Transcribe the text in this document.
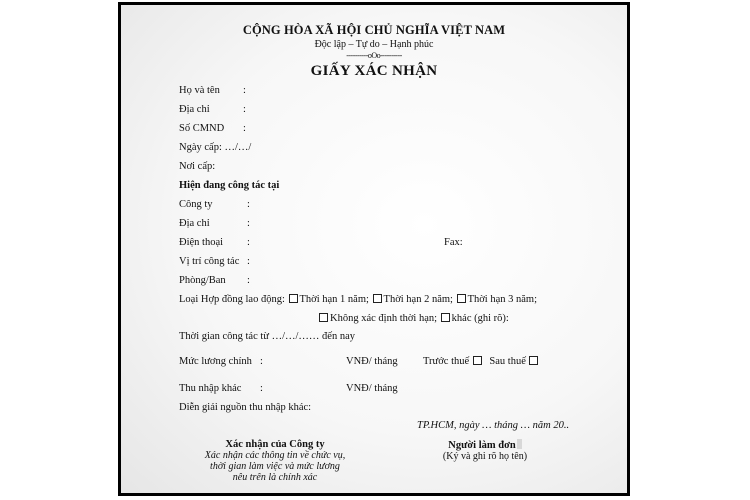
CỘNG HÒA XÃ HỘI CHỦ NGHĨA VIỆT NAM
Độc lập – Tự do – Hạnh phúc
----------oOo----------
GIẤY XÁC NHẬN
Họ và tên :
Địa chỉ	:
Số CMND :
Ngày cấp: …/…/
Nơi cấp:
Hiện đang công tác tại
Công ty	:
Địa chỉ	:
Điện thoại :	Fax:
Vị trí công tác :
Phòng/Ban :
Loại Hợp đồng lao động: Thời hạn 1 năm; Thời hạn 2 năm; Thời hạn 3 năm;
Không xác định thời hạn; khác (ghi rõ):
Thời gian công tác từ …/…/…… đến nay
Mức lương chính :	VNĐ/ tháng Trước thuế Sau thuế
Thu nhập khác :	VNĐ/ tháng
Diễn giải nguồn thu nhập khác:
TP.HCM, ngày … tháng … năm 20..
Xác nhận của Công ty
Xác nhận các thông tin về chức vụ,
thời gian làm việc và mức lương
nêu trên là chính xác
Người làm đơn
(Ký và ghi rõ họ tên)
